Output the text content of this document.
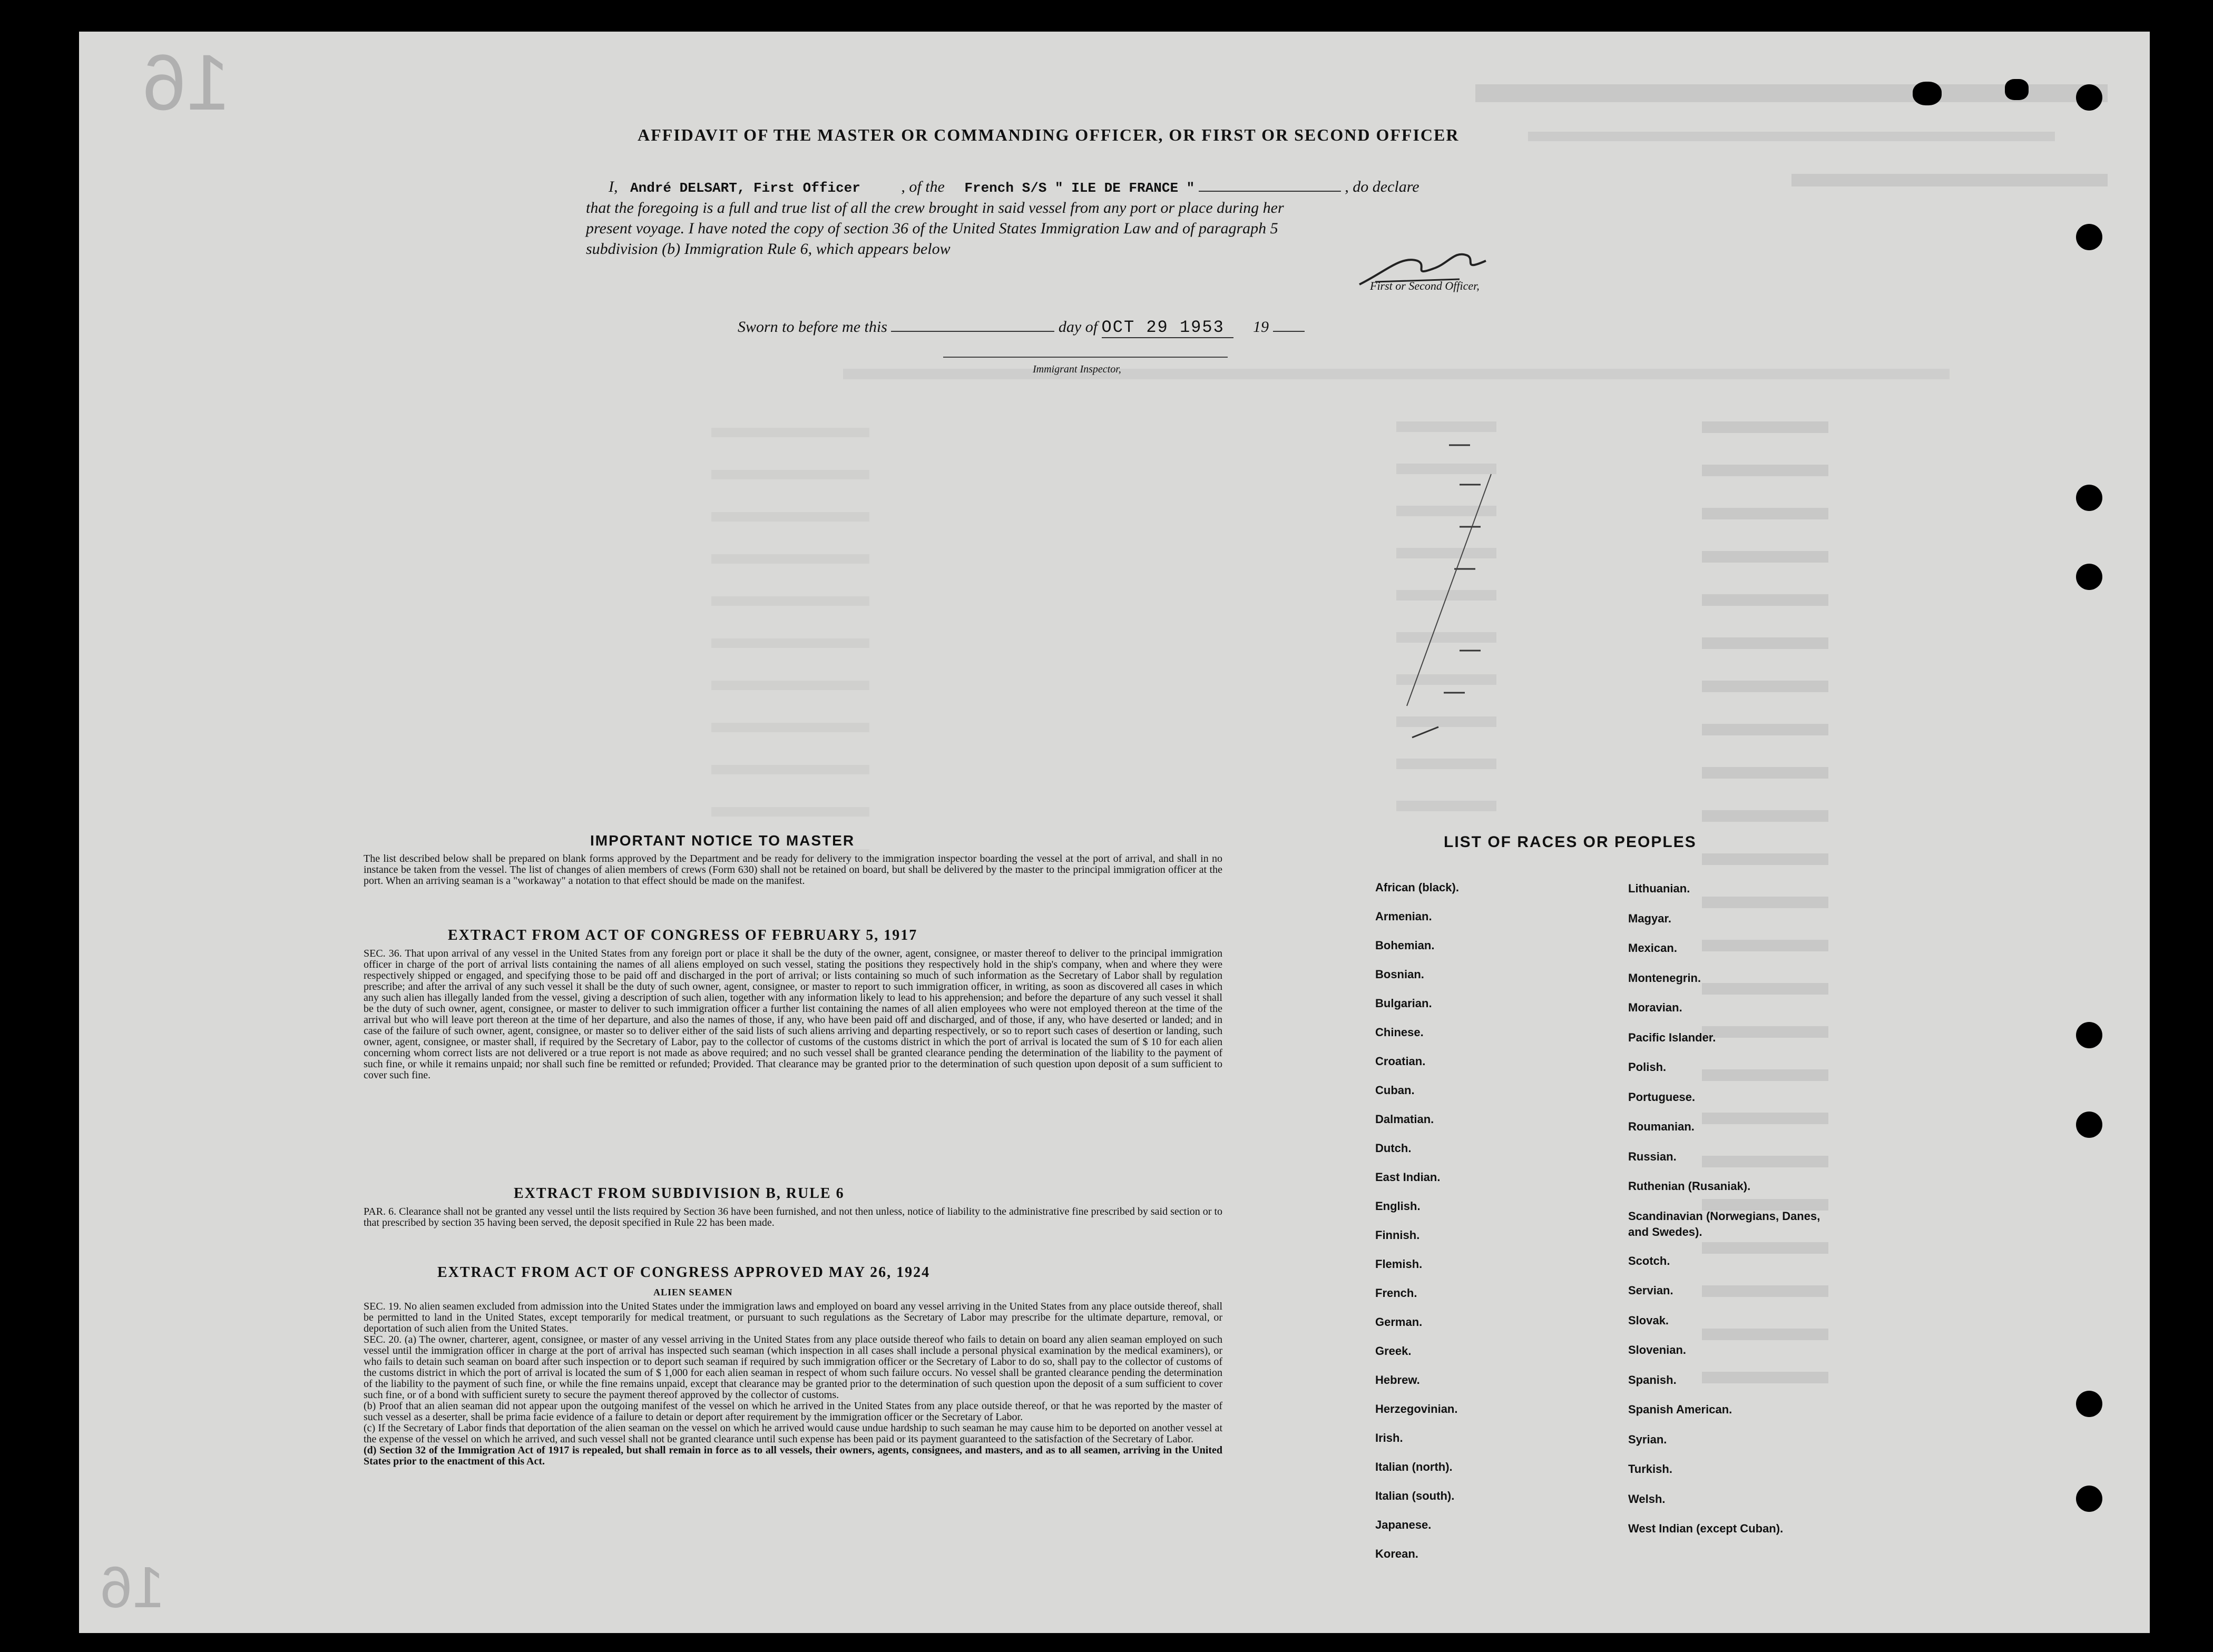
16
16
AFFIDAVIT OF THE MASTER OR COMMANDING OFFICER, OR FIRST OR SECOND OFFICER
I, André DELSART, First Officer	, of the French S/S " ILE DE FRANCE "	, do declare
that the foregoing is a full and true list of all the crew brought in said vessel from any port or place during her
present voyage. I have noted the copy of section 36 of the United States Immigration Law and of paragraph 5
subdivision (b) Immigration Rule 6, which appears below
First or Second Officer,
Sworn to before me this	day of OCT 29 1953 19
Immigrant Inspector,
IMPORTANT NOTICE TO MASTER
The list described below shall be prepared on blank forms approved by the Department and be ready for delivery to the immigration inspector boarding the vessel at the port of arrival, and shall in no instance be taken from the vessel. The list of changes of alien members of crews (Form 630) shall not be retained on board, but shall be delivered by the master to the principal immigration officer at the port. When an arriving seaman is a "workaway" a notation to that effect should be made on the manifest.
EXTRACT FROM ACT OF CONGRESS OF FEBRUARY 5, 1917
SEC. 36. That upon arrival of any vessel in the United States from any foreign port or place it shall be the duty of the owner, agent, consignee, or master thereof to deliver to the principal immigration officer in charge of the port of arrival lists containing the names of all aliens employed on such vessel, stating the positions they respectively hold in the ship's company, when and where they were respectively shipped or engaged, and specifying those to be paid off and discharged in the port of arrival; or lists containing so much of such information as the Secretary of Labor shall by regulation prescribe; and after the arrival of any such vessel it shall be the duty of such owner, agent, consignee, or master to report to such immigration officer, in writing, as soon as discovered all cases in which any such alien has illegally landed from the vessel, giving a description of such alien, together with any information likely to lead to his apprehension; and before the departure of any such vessel it shall be the duty of such owner, agent, consignee, or master to deliver to such immigration officer a further list containing the names of all alien employees who were not employed thereon at the time of the arrival but who will leave port thereon at the time of her departure, and also the names of those, if any, who have been paid off and discharged, and of those, if any, who have deserted or landed; and in case of the failure of such owner, agent, consignee, or master so to deliver either of the said lists of such aliens arriving and departing respectively, or so to report such cases of desertion or landing, such owner, agent, consignee, or master shall, if required by the Secretary of Labor, pay to the collector of customs of the customs district in which the port of arrival is located the sum of $ 10 for each alien concerning whom correct lists are not delivered or a true report is not made as above required; and no such vessel shall be granted clearance pending the determination of the liability to the payment of such fine, or while it remains unpaid; nor shall such fine be remitted or refunded; Provided. That clearance may be granted prior to the determination of such question upon deposit of a sum sufficient to cover such fine.
EXTRACT FROM SUBDIVISION B, RULE 6
PAR. 6. Clearance shall not be granted any vessel until the lists required by Section 36 have been furnished, and not then unless, notice of liability to the administrative fine prescribed by said section or to that prescribed by section 35 having been served, the deposit specified in Rule 22 has been made.
EXTRACT FROM ACT OF CONGRESS APPROVED MAY 26, 1924
ALIEN SEAMEN
SEC. 19. No alien seamen excluded from admission into the United States under the immigration laws and employed on board any vessel arriving in the United States from any place outside thereof, shall be permitted to land in the United States, except temporarily for medical treatment, or pursuant to such regulations as the Secretary of Labor may prescribe for the ultimate departure, removal, or deportation of such alien from the United States.
SEC. 20. (a) The owner, charterer, agent, consignee, or master of any vessel arriving in the United States from any place outside thereof who fails to detain on board any alien seaman employed on such vessel until the immigration officer in charge at the port of arrival has inspected such seaman (which inspection in all cases shall include a personal physical examination by the medical examiners), or who fails to detain such seaman on board after such inspection or to deport such seaman if required by such immigration officer or the Secretary of Labor to do so, shall pay to the collector of customs of the customs district in which the port of arrival is located the sum of $ 1,000 for each alien seaman in respect of whom such failure occurs. No vessel shall be granted clearance pending the determination of the liability to the payment of such fine, or while the fine remains unpaid, except that clearance may be granted prior to the determination of such question upon the deposit of a sum sufficient to cover such fine, or of a bond with sufficient surety to secure the payment thereof approved by the collector of customs.
(b) Proof that an alien seaman did not appear upon the outgoing manifest of the vessel on which he arrived in the United States from any place outside thereof, or that he was reported by the master of such vessel as a deserter, shall be prima facie evidence of a failure to detain or deport after requirement by the immigration officer or the Secretary of Labor.
(c) If the Secretary of Labor finds that deportation of the alien seaman on the vessel on which he arrived would cause undue hardship to such seaman he may cause him to be deported on another vessel at the expense of the vessel on which he arrived, and such vessel shall not be granted clearance until such expense has been paid or its payment guaranteed to the satisfaction of the Secretary of Labor.
(d) Section 32 of the Immigration Act of 1917 is repealed, but shall remain in force as to all vessels, their owners, agents, consignees, and masters, and as to all seamen, arriving in the United States prior to the enactment of this Act.
LIST OF RACES OR PEOPLES
African (black).
Armenian.
Bohemian.
Bosnian.
Bulgarian.
Chinese.
Croatian.
Cuban.
Dalmatian.
Dutch.
East Indian.
English.
Finnish.
Flemish.
French.
German.
Greek.
Hebrew.
Herzegovinian.
Irish.
Italian (north).
Italian (south).
Japanese.
Korean.
Lithuanian.
Magyar.
Mexican.
Montenegrin.
Moravian.
Pacific Islander.
Polish.
Portuguese.
Roumanian.
Russian.
Ruthenian (Rusaniak).
Scandinavian (Norwegians, Danes, and Swedes).
Scotch.
Servian.
Slovak.
Slovenian.
Spanish.
Spanish American.
Syrian.
Turkish.
Welsh.
West Indian (except Cuban).
